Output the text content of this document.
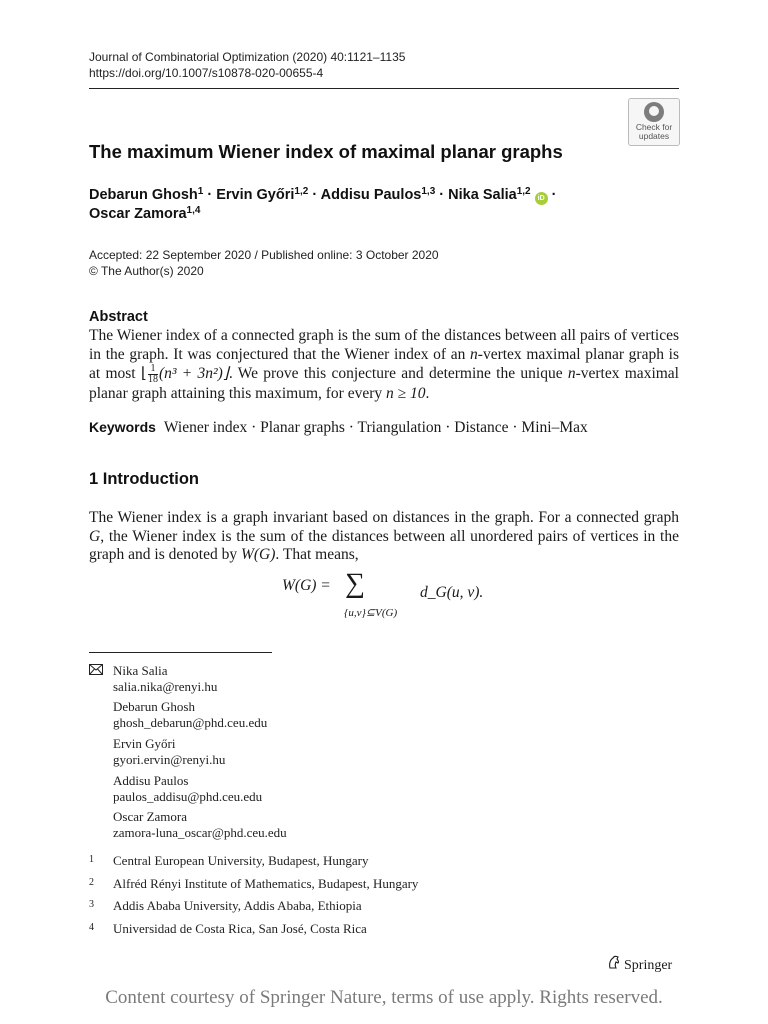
Journal of Combinatorial Optimization (2020) 40:1121–1135
https://doi.org/10.1007/s10878-020-00655-4
Check for
updates
The maximum Wiener index of maximal planar graphs
Debarun Ghosh$^1$ · Ervin Győri$^{1,2}$ · Addisu Paulos$^{1,3}$ · Nika Salia$^{1,2}$ iD ·
Oscar Zamora$^{1,4}$
Accepted: 22 September 2020 / Published online: 3 October 2020
© The Author(s) 2020
Abstract
The Wiener index of a connected graph is the sum of the distances between all pairs of vertices in the graph. It was conjectured that the Wiener index of an n-vertex maximal planar graph is at most ⌊ $\frac{1}{18} (n^3$ + 3n²)⌋. We prove this conjecture and determine the unique n-vertex maximal planar graph attaining this maximum, for every n ≥ 10.
Keywords Wiener index · Planar graphs · Triangulation · Distance · Mini–Max
1 Introduction
The Wiener index is a graph invariant based on distances in the graph. For a connected graph G, the Wiener index is the sum of the distances between all unordered pairs of vertices in the graph and is denoted by W(G). That means,
W(G) = ∑
{u,v}⊆V(G)
d_G(u, v).
Nika Salia
salia.nika@renyi.hu
Debarun Ghosh
ghosh_debarun@phd.ceu.edu
Ervin Győri
gyori.ervin@renyi.hu
Addisu Paulos
paulos_addisu@phd.ceu.edu
Oscar Zamora
zamora-luna_oscar@phd.ceu.edu
1 Central European University, Budapest, Hungary
2 Alfréd Rényi Institute of Mathematics, Budapest, Hungary
3 Addis Ababa University, Addis Ababa, Ethiopia
4 Universidad de Costa Rica, San José, Costa Rica
Springer
Content courtesy of Springer Nature, terms of use apply. Rights reserved.
